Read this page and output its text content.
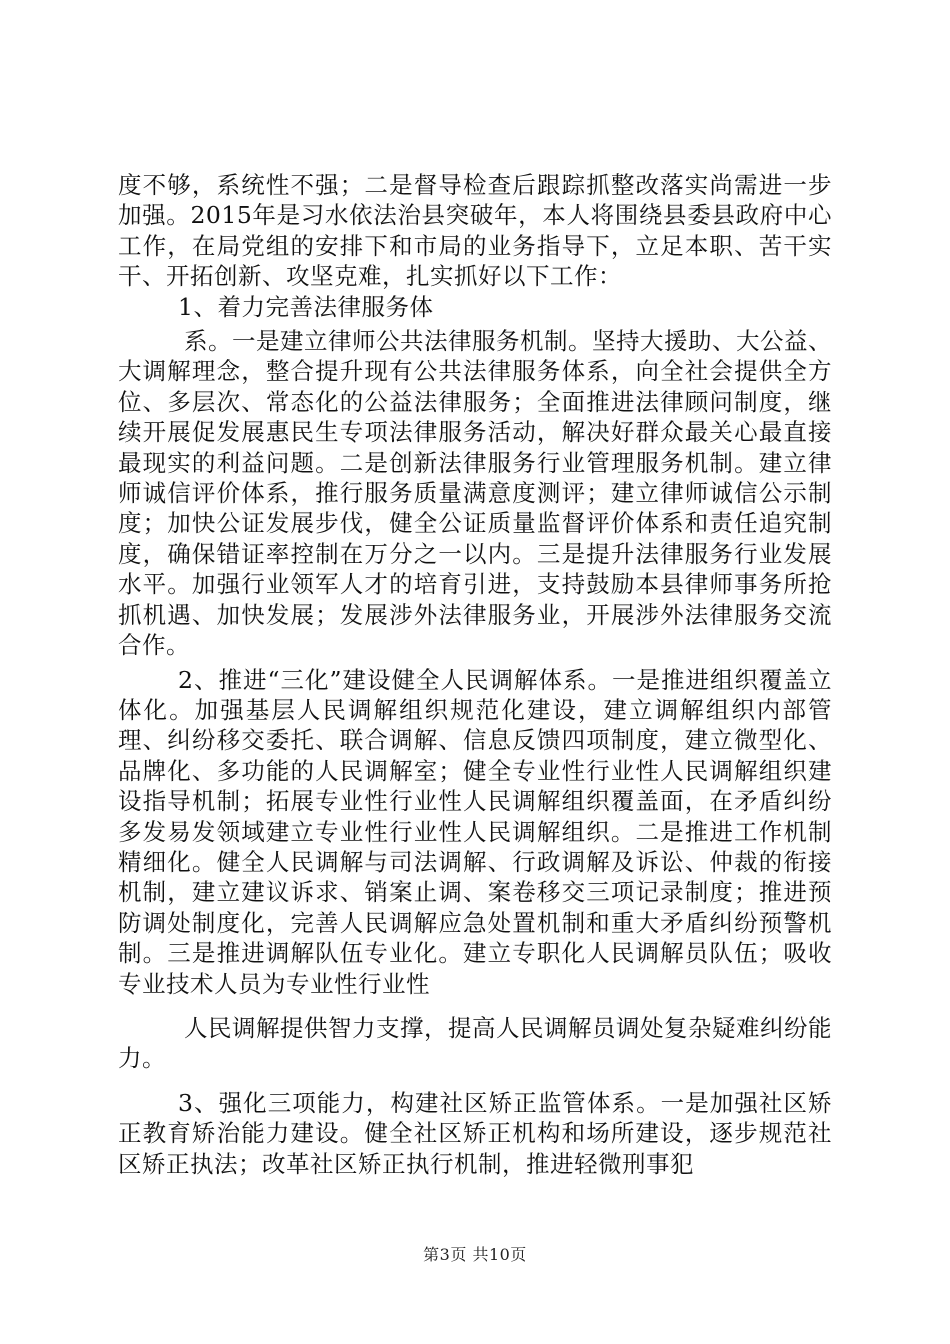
度不够，系统性不强；二是督导检查后跟踪抓整改落实尚需进一步加强。2015年是习水依法治县突破年，本人将围绕县委县政府中心工作，在局党组的安排下和市局的业务指导下，立足本职、苦干实干、开拓创新、攻坚克难，扎实抓好以下工作：

1、着力完善法律服务体

系。一是建立律师公共法律服务机制。坚持大援助、大公益、大调解理念，整合提升现有公共法律服务体系，向全社会提供全方位、多层次、常态化的公益法律服务；全面推进法律顾问制度，继续开展促发展惠民生专项法律服务活动，解决好群众最关心最直接最现实的利益问题。二是创新法律服务行业管理服务机制。建立律师诚信评价体系，推行服务质量满意度测评；建立律师诚信公示制度；加快公证发展步伐，健全公证质量监督评价体系和责任追究制度，确保错证率控制在万分之一以内。三是提升法律服务行业发展水平。加强行业领军人才的培育引进，支持鼓励本县律师事务所抢抓机遇、加快发展；发展涉外法律服务业，开展涉外法律服务交流合作。

2、推进“三化”建设健全人民调解体系。一是推进组织覆盖立体化。加强基层人民调解组织规范化建设，建立调解组织内部管理、纠纷移交委托、联合调解、信息反馈四项制度，建立微型化、品牌化、多功能的人民调解室；健全专业性行业性人民调解组织建设指导机制；拓展专业性行业性人民调解组织覆盖面，在矛盾纠纷多发易发领域建立专业性行业性人民调解组织。二是推进工作机制精细化。健全人民调解与司法调解、行政调解及诉讼、仲裁的衔接机制，建立建议诉求、销案止调、案卷移交三项记录制度；推进预防调处制度化，完善人民调解应急处置机制和重大矛盾纠纷预警机制。三是推进调解队伍专业化。建立专职化人民调解员队伍；吸收专业技术人员为专业性行业性

人民调解提供智力支撑，提高人民调解员调处复杂疑难纠纷能力。

3、强化三项能力，构建社区矫正监管体系。一是加强社区矫正教育矫治能力建设。健全社区矫正机构和场所建设，逐步规范社区矫正执法；改革社区矫正执行机制，推进轻微刑事犯

第3页 共10页
